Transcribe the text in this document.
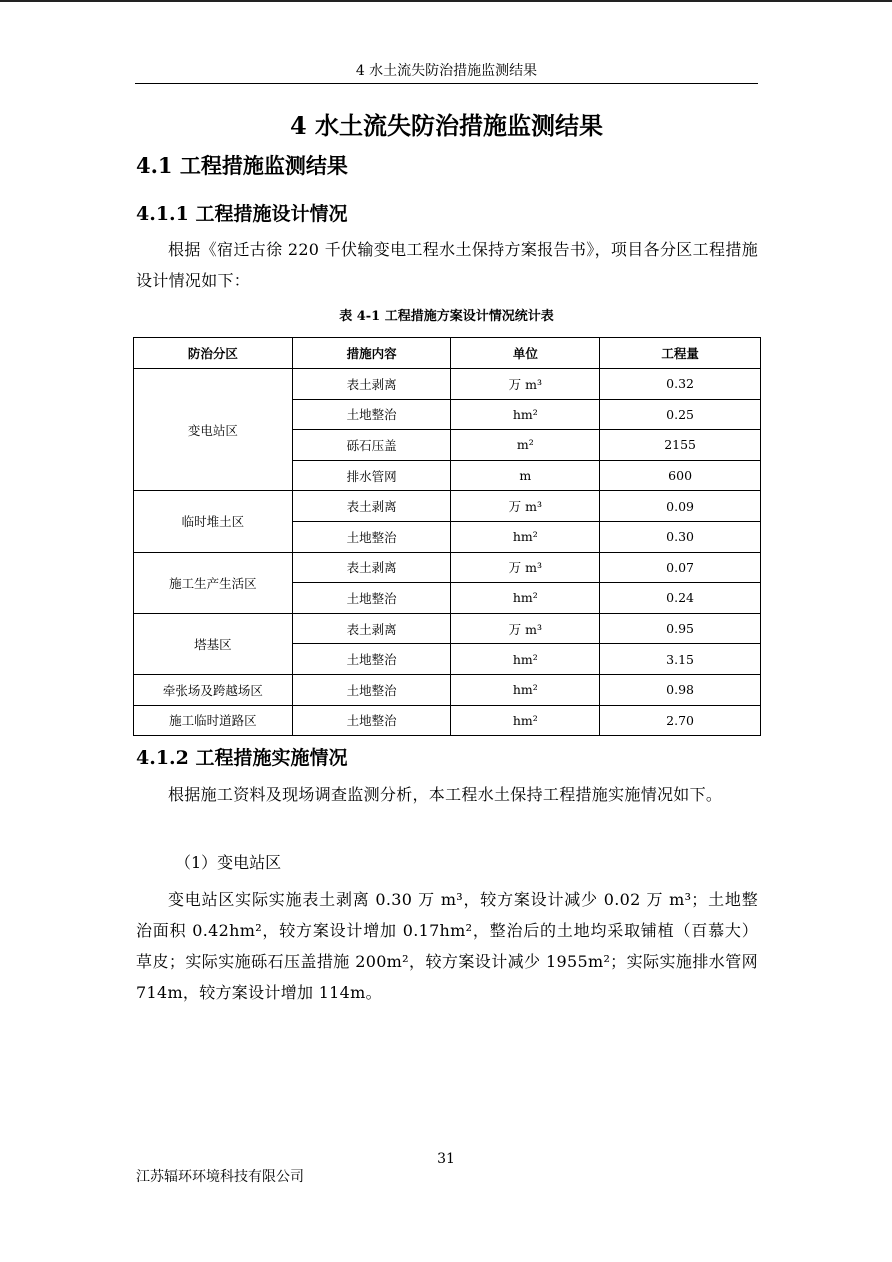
4 水土流失防治措施监测结果
4 水土流失防治措施监测结果
4.1 工程措施监测结果
4.1.1 工程措施设计情况
根据《宿迁古徐 220 千伏输变电工程水土保持方案报告书》，项目各分区工程措施设计情况如下：
表 4-1 工程措施方案设计情况统计表
防治分区	措施内容	单位	工程量
变电站区	表土剥离	万 m³	0.32
	土地整治	hm²	0.25
	砾石压盖	m²	2155
	排水管网	m	600
临时堆土区	表土剥离	万 m³	0.09
	土地整治	hm²	0.30
施工生产生活区	表土剥离	万 m³	0.07
	土地整治	hm²	0.24
塔基区	表土剥离	万 m³	0.95
	土地整治	hm²	3.15
牵张场及跨越场区	土地整治	hm²	0.98
施工临时道路区	土地整治	hm²	2.70
4.1.2 工程措施实施情况
根据施工资料及现场调查监测分析，本工程水土保持工程措施实施情况如下。
（1）变电站区
变电站区实际实施表土剥离 0.30 万 m³，较方案设计减少 0.02 万 m³；土地整治面积 0.42hm²，较方案设计增加 0.17hm²，整治后的土地均采取铺植（百慕大）草皮；实际实施砾石压盖措施 200m²，较方案设计减少 1955m²；实际实施排水管网 714m，较方案设计增加 114m。
31
江苏辐环环境科技有限公司
